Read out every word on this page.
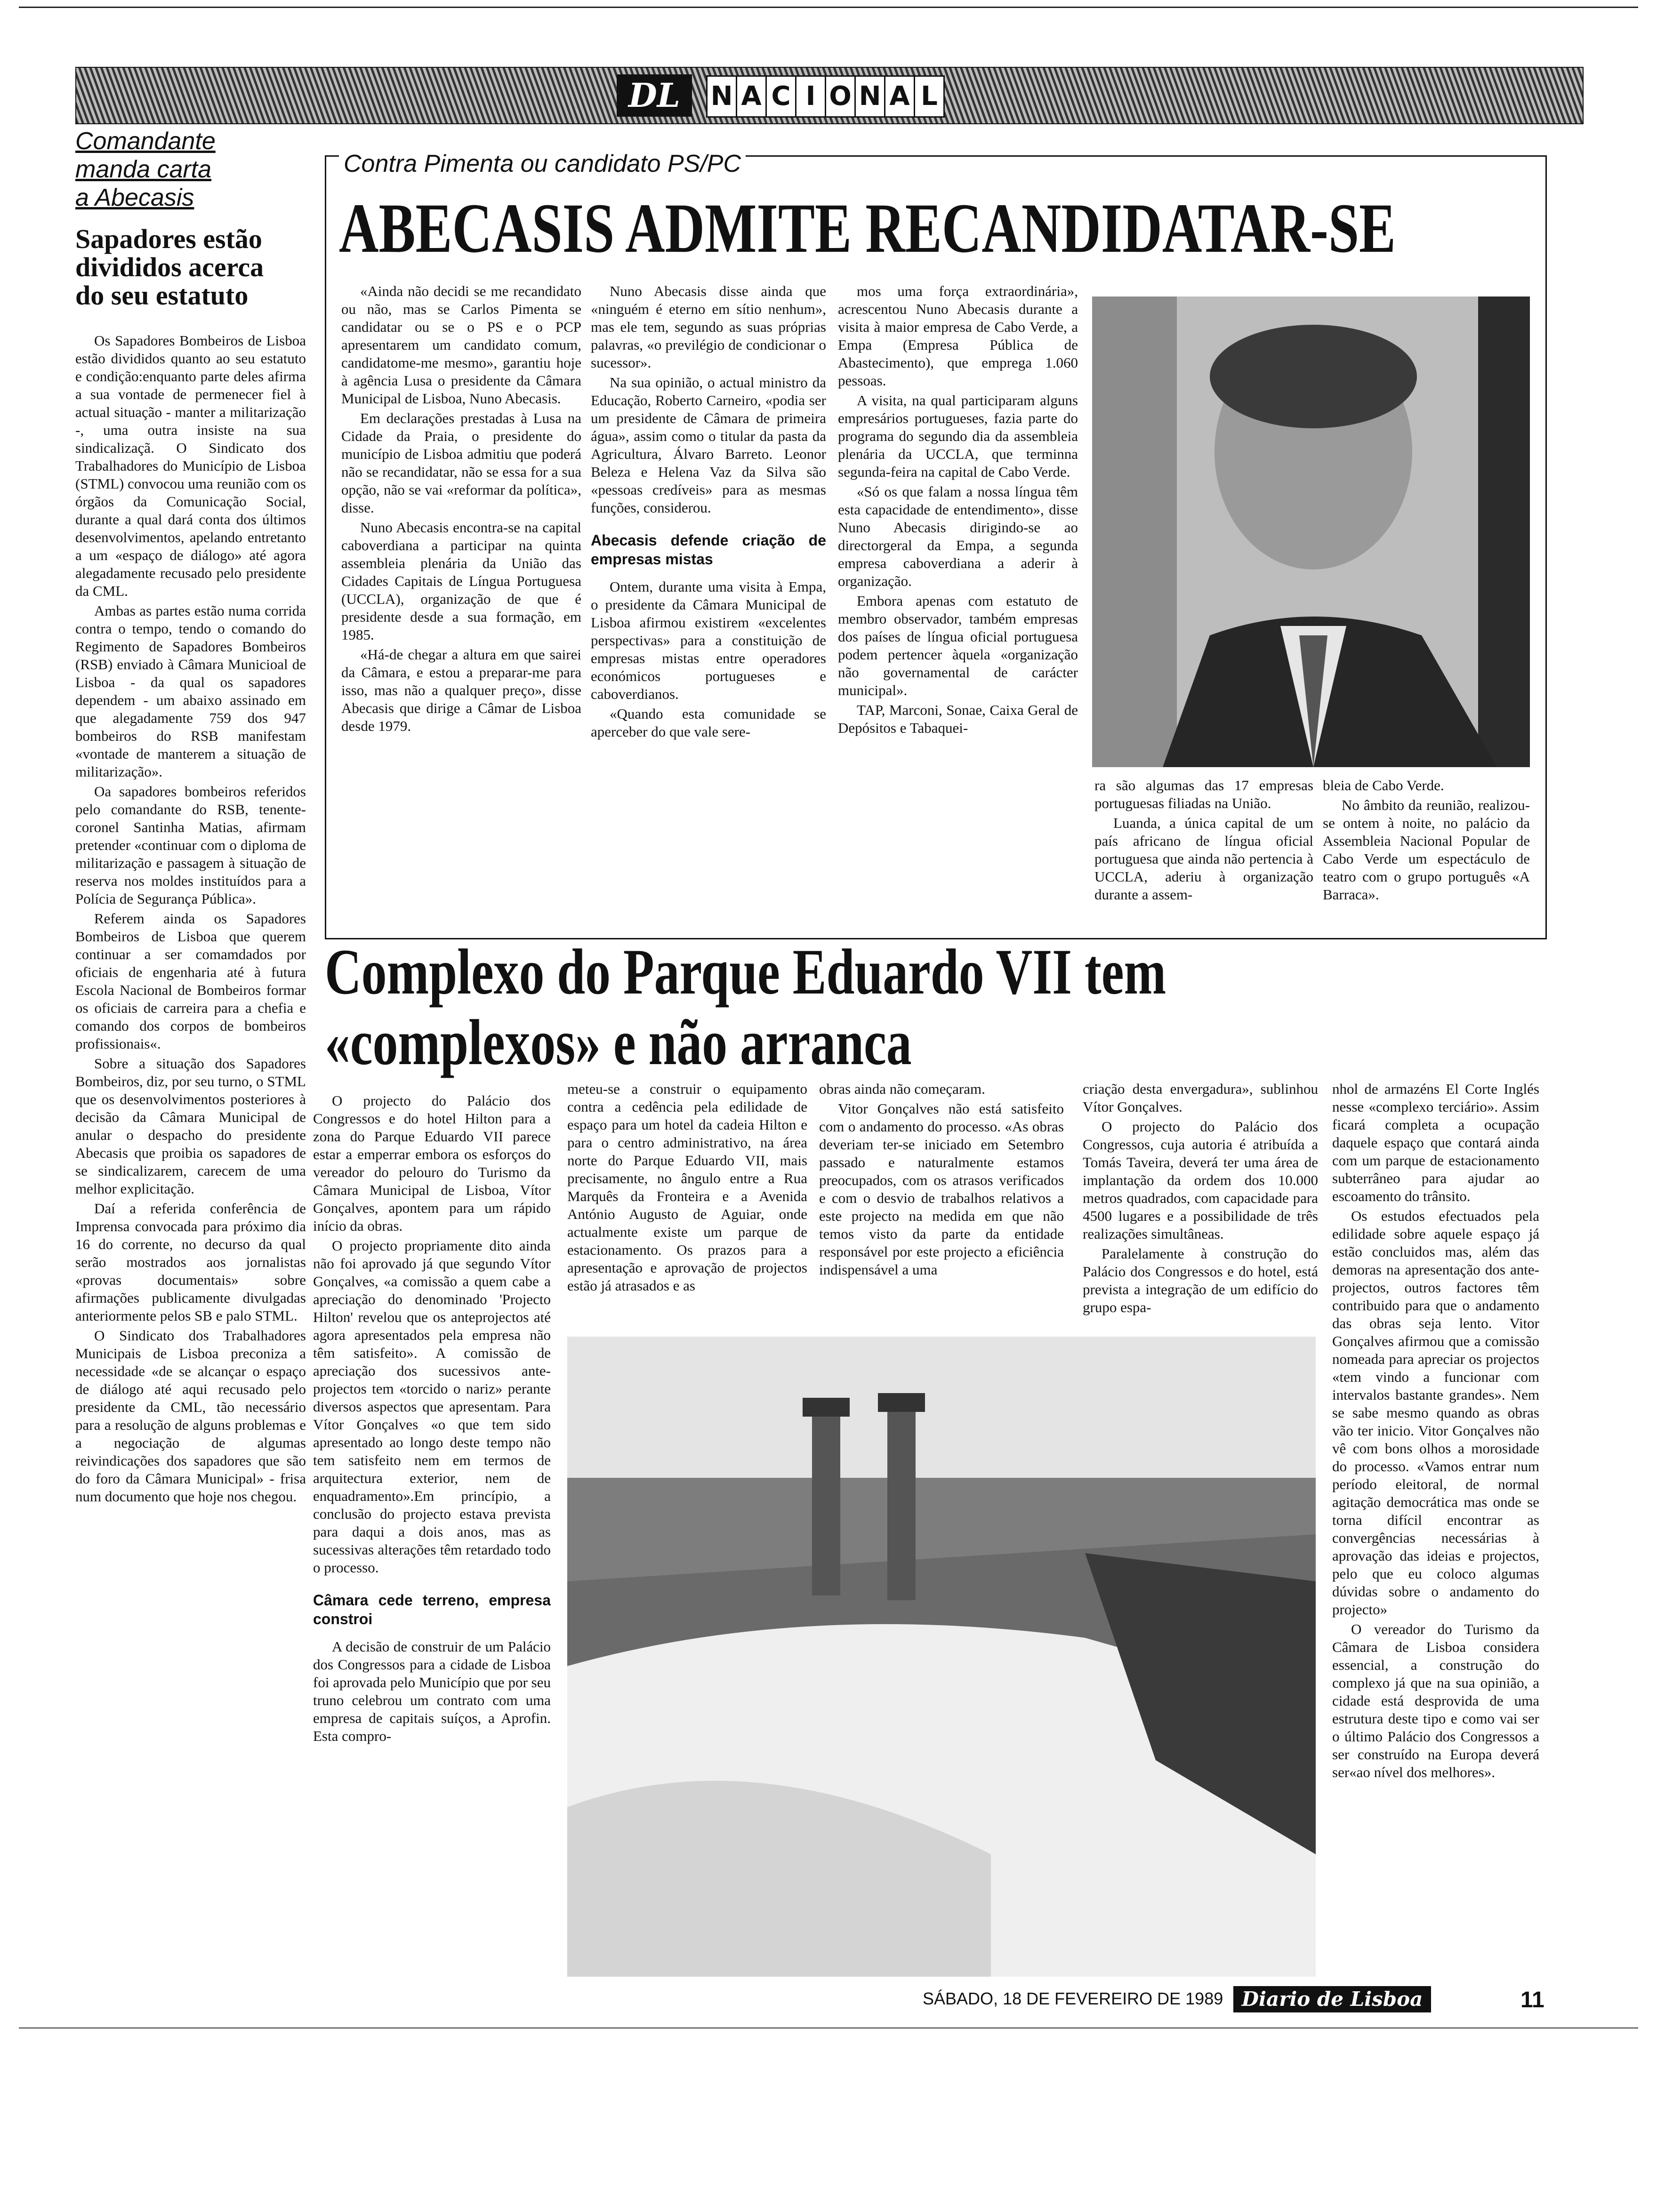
DL	N A C I O N A L
Comandante
manda carta
a Abecasis
Sapadores estão
divididos acerca
do seu estatuto

Os Sapadores Bombeiros de Lisboa estão divididos quanto ao seu estatuto e condição:enquanto parte deles afirma a sua vontade de permenecer fiel à actual situação - manter a militarização -, uma outra insiste na sua sindicalizaçã. O Sindicato dos Trabalhadores do Município de Lisboa (STML) convocou uma reunião com os órgãos da Comunicação Social, durante a qual dará conta dos últimos desenvolvimentos, apelando entretanto a um «espaço de diálogo» até agora alegadamente recusado pelo presidente da CML.

Ambas as partes estão numa corrida contra o tempo, tendo o comando do Regimento de Sapadores Bombeiros (RSB) enviado à Câmara Municioal de Lisboa - da qual os sapadores dependem - um abaixo assinado em que alegadamente 759 dos 947 bombeiros do RSB manifestam «vontade de manterem a situação de militarização».

Oa sapadores bombeiros referidos pelo comandante do RSB, tenente-coronel Santinha Matias, afirmam pretender «continuar com o diploma de militarização e passagem à situação de reserva nos moldes instituídos para a Polícia de Segurança Pública».

Referem ainda os Sapadores Bombeiros de Lisboa que querem continuar a ser comamdados por oficiais de engenharia até à futura Escola Nacional de Bombeiros formar os oficiais de carreira para a chefia e comando dos corpos de bombeiros profissionais«.

Sobre a situação dos Sapadores Bombeiros, diz, por seu turno, o STML que os desenvolvimentos posteriores à decisão da Câmara Municipal de anular o despacho do presidente Abecasis que proibia os sapadores de se sindicalizarem, carecem de uma melhor explicitação.

Daí a referida conferência de Imprensa convocada para próximo dia 16 do corrente, no decurso da qual serão mostrados aos jornalistas «provas documentais» sobre afirmações publicamente divulgadas anteriormente pelos SB e palo STML.

O Sindicato dos Trabalhadores Municipais de Lisboa preconiza a necessidade «de se alcançar o espaço de diálogo até aqui recusado pelo presidente da CML, tão necessário para a resolução de alguns problemas e a negociação de algumas reivindicações dos sapadores que são do foro da Câmara Municipal» - frisa num documento que hoje nos chegou.

Contra Pimenta ou candidato PS/PC
ABECASIS ADMITE RECANDIDATAR-SE

«Ainda não decidi se me recandidato ou não, mas se Carlos Pimenta se candidatar ou se o PS e o PCP apresentarem um candidato comum, candidatome-me mesmo», garantiu hoje à agência Lusa o presidente da Câmara Municipal de Lisboa, Nuno Abecasis.

Em declarações prestadas à Lusa na Cidade da Praia, o presidente do município de Lisboa admitiu que poderá não se recandidatar, não se essa for a sua opção, não se vai «reformar da política», disse.

Nuno Abecasis encontra-se na capital caboverdiana a participar na quinta assembleia plenária da União das Cidades Capitais de Língua Portuguesa (UCCLA), organização de que é presidente desde a sua formação, em 1985.

«Há-de chegar a altura em que sairei da Câmara, e estou a preparar-me para isso, mas não a qualquer preço», disse Abecasis que dirige a Câmar de Lisboa desde 1979.

Nuno Abecasis disse ainda que «ninguém é eterno em sítio nenhum», mas ele tem, segundo as suas próprias palavras, «o previlégio de condicionar o sucessor».

Na sua opinião, o actual ministro da Educação, Roberto Carneiro, «podia ser um presidente de Câmara de primeira água», assim como o titular da pasta da Agricultura, Álvaro Barreto. Leonor Beleza e Helena Vaz da Silva são «pessoas credíveis» para as mesmas funções, considerou.

Abecasis defende criação de empresas mistas

Ontem, durante uma visita à Empa, o presidente da Câmara Municipal de Lisboa afirmou existirem «excelentes perspectivas» para a constituição de empresas mistas entre operadores económicos portugueses e caboverdianos.

«Quando esta comunidade se aperceber do que vale sere-

mos uma força extraordinária», acrescentou Nuno Abecasis durante a visita à maior empresa de Cabo Verde, a Empa (Empresa Pública de Abastecimento), que emprega 1.060 pessoas.

A visita, na qual participaram alguns empresários portugueses, fazia parte do programa do segundo dia da assembleia plenária da UCCLA, que terminna segunda-feira na capital de Cabo Verde.

«Só os que falam a nossa língua têm esta capacidade de entendimento», disse Nuno Abecasis dirigindo-se ao directorgeral da Empa, a segunda empresa caboverdiana a aderir à organização.

Embora apenas com estatuto de membro observador, também empresas dos países de língua oficial portuguesa podem pertencer àquela «organização não governamental de carácter municipal».

TAP, Marconi, Sonae, Caixa Geral de Depósitos e Tabaquei-

ra são algumas das 17 empresas portuguesas filiadas na União.

Luanda, a única capital de um país africano de língua oficial portuguesa que ainda não pertencia à UCCLA, aderiu à organização durante a assem-

bleia de Cabo Verde.

No âmbito da reunião, realizou-se ontem à noite, no palácio da Assembleia Nacional Popular de Cabo Verde um espectáculo de teatro com o grupo português «A Barraca».

Complexo do Parque Eduardo VII tem
«complexos» e não arranca

O projecto do Palácio dos Congressos e do hotel Hilton para a zona do Parque Eduardo VII parece estar a emperrar embora os esforços do vereador do pelouro do Turismo da Câmara Municipal de Lisboa, Vítor Gonçalves, apontem para um rápido início da obras.

O projecto propriamente dito ainda não foi aprovado já que segundo Vítor Gonçalves, «a comissão a quem cabe a apreciação do denominado 'Projecto Hilton' revelou que os anteprojectos até agora apresentados pela empresa não têm satisfeito». A comissão de apreciação dos sucessivos ante-projectos tem «torcido o nariz» perante diversos aspectos que apresentam. Para Vítor Gonçalves «o que tem sido apresentado ao longo deste tempo não tem satisfeito nem em termos de arquitectura exterior, nem de enquadramento».Em princípio, a conclusão do projecto estava prevista para daqui a dois anos, mas as sucessivas alterações têm retardado todo o processo.

Câmara cede terreno, empresa constroi

A decisão de construir de um Palácio dos Congressos para a cidade de Lisboa foi aprovada pelo Município que por seu truno celebrou um contrato com uma empresa de capitais suíços, a Aprofin. Esta compro-

meteu-se a construir o equipamento contra a cedência pela edilidade de espaço para um hotel da cadeia Hilton e para o centro administrativo, na área norte do Parque Eduardo VII, mais precisamente, no ângulo entre a Rua Marquês da Fronteira e a Avenida António Augusto de Aguiar, onde actualmente existe um parque de estacionamento. Os prazos para a apresentação e aprovação de projectos estão já atrasados e as

obras ainda não começaram.

Vitor Gonçalves não está satisfeito com o andamento do processo. «As obras deveriam ter-se iniciado em Setembro passado e naturalmente estamos preocupados, com os atrasos verificados e com o desvio de trabalhos relativos a este projecto na medida em que não temos visto da parte da entidade responsável por este projecto a eficiência indispensável a uma

criação desta envergadura», sublinhou Vítor Gonçalves.

O projecto do Palácio dos Congressos, cuja autoria é atribuída a Tomás Taveira, deverá ter uma área de implantação da ordem dos 10.000 metros quadrados, com capacidade para 4500 lugares e a possibilidade de três realizações simultâneas.

Paralelamente à construção do Palácio dos Congressos e do hotel, está prevista a integração de um edifício do grupo espa-

nhol de armazéns El Corte Inglés nesse «complexo terciário». Assim ficará completa a ocupação daquele espaço que contará ainda com um parque de estacionamento subterrâneo para ajudar ao escoamento do trânsito.

Os estudos efectuados pela edilidade sobre aquele espaço já estão concluidos mas, além das demoras na apresentação dos ante-projectos, outros factores têm contribuido para que o andamento das obras seja lento. Vitor Gonçalves afirmou que a comissão nomeada para apreciar os projectos «tem vindo a funcionar com intervalos bastante grandes». Nem se sabe mesmo quando as obras vão ter inicio. Vitor Gonçalves não vê com bons olhos a morosidade do processo. «Vamos entrar num período eleitoral, de normal agitação democrática mas onde se torna difícil encontrar as convergências necessárias à aprovação das ideias e projectos, pelo que eu coloco algumas dúvidas sobre o andamento do projecto»

O vereador do Turismo da Câmara de Lisboa considera essencial, a construção do complexo já que na sua opinião, a cidade está desprovida de uma estrutura deste tipo e como vai ser o último Palácio dos Congressos a ser construído na Europa deverá ser«ao nível dos melhores».

SÁBADO, 18 DE FEVEREIRO DE 1989 Diario de Lisboa	11
